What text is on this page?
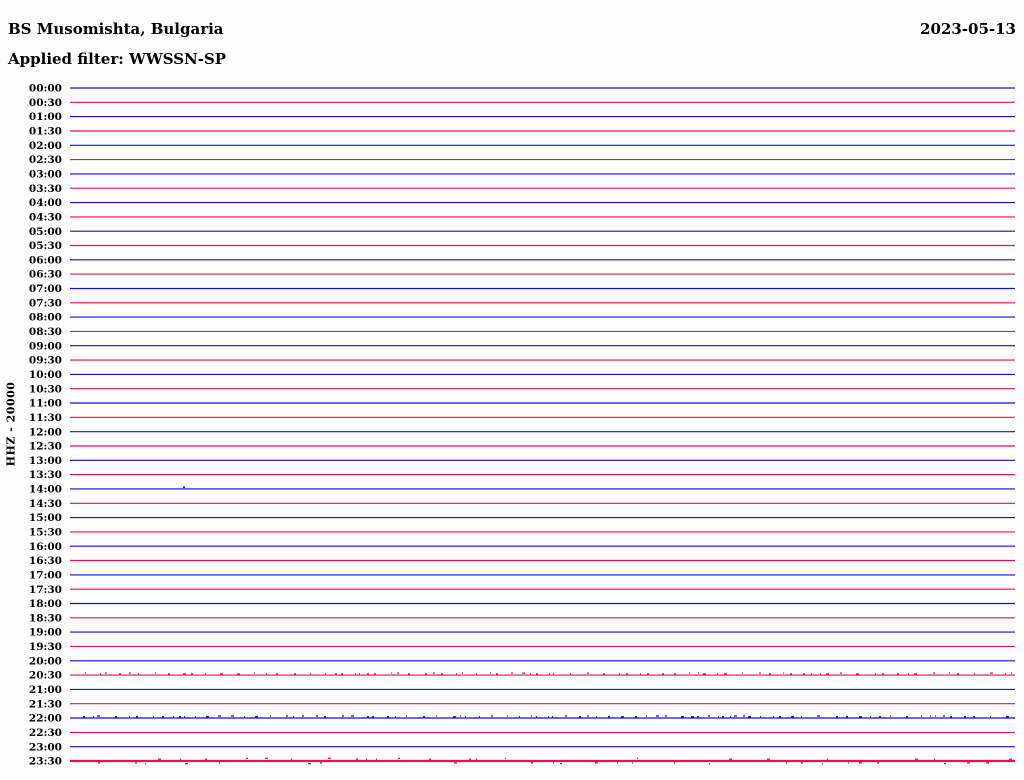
BS Musomishta, Bulgaria	2023-05-13
Applied filter: WWSSN-SP
HHZ - 20000
00:00
00:30
01:00
01:30
02:00
02:30
03:00
03:30
04:00
04:30
05:00
05:30
06:00
06:30
07:00
07:30
08:00
08:30
09:00
09:30
10:00
10:30
11:00
11:30
12:00
12:30
13:00
13:30
14:00
14:30
15:00
15:30
16:00
16:30
17:00
17:30
18:00
18:30
19:00
19:30
20:00
20:30
21:00
21:30
22:00
22:30
23:00
23:30
